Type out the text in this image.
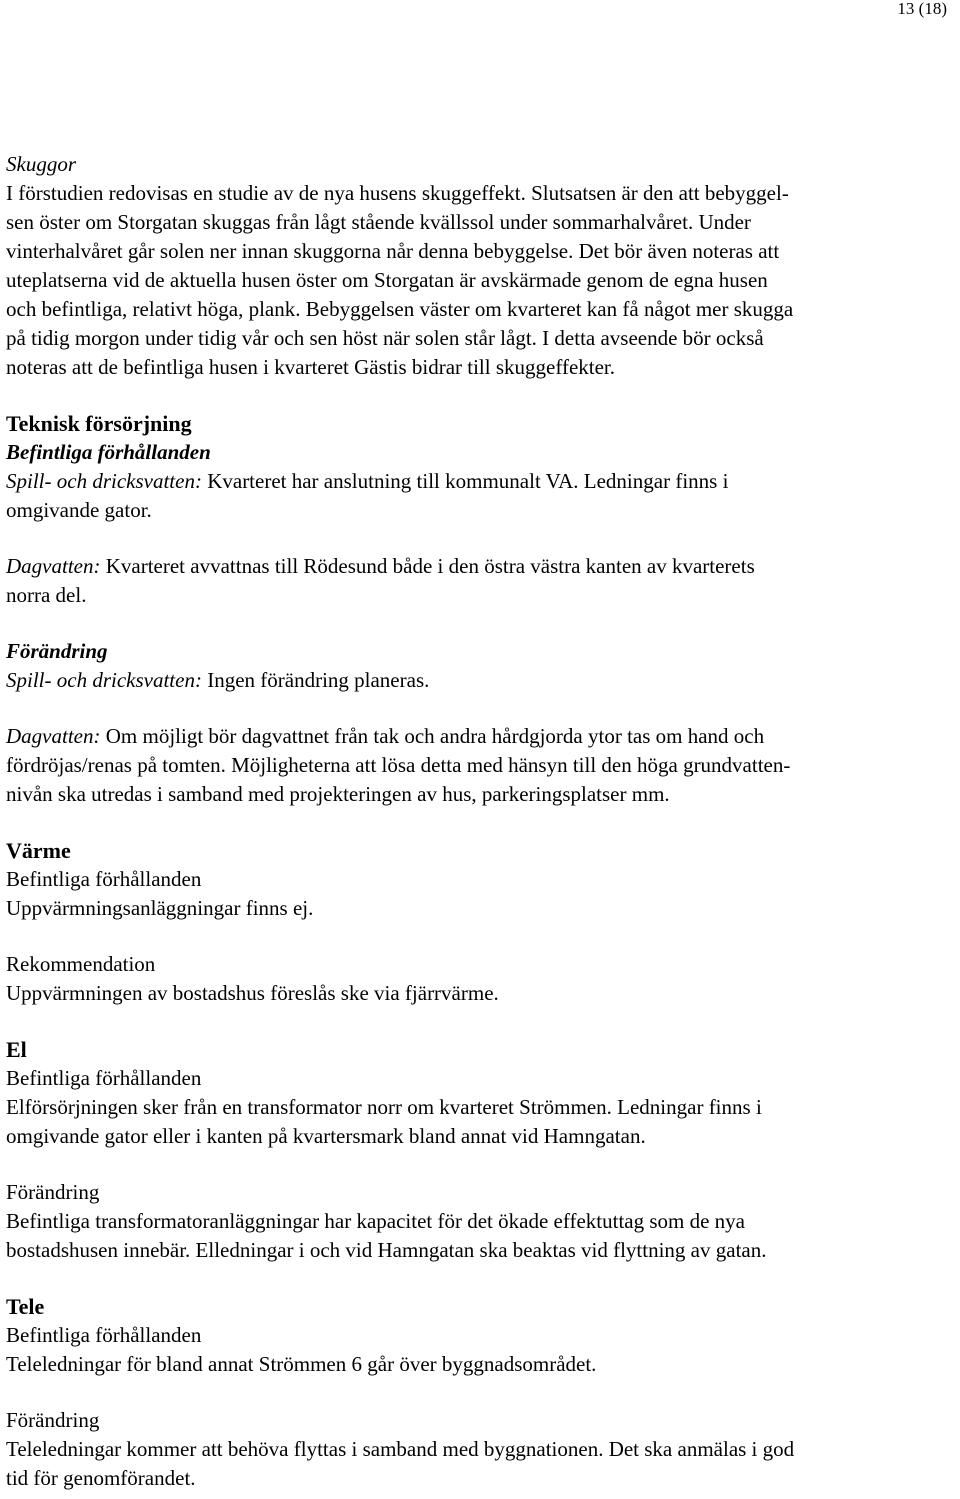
13 (18)

Skuggor

I förstudien redovisas en studie av de nya husens skuggeffekt. Slutsatsen är den att bebyggel-

sen öster om Storgatan skuggas från lågt stående kvällssol under sommarhalvåret. Under

vinterhalvåret går solen ner innan skuggorna når denna bebyggelse. Det bör även noteras att

uteplatserna vid de aktuella husen öster om Storgatan är avskärmade genom de egna husen

och befintliga, relativt höga, plank. Bebyggelsen väster om kvarteret kan få något mer skugga

på tidig morgon under tidig vår och sen höst när solen står lågt. I detta avseende bör också

noteras att de befintliga husen i kvarteret Gästis bidrar till skuggeffekter.

Teknisk försörjning

Befintliga förhållanden

Spill- och dricksvatten: Kvarteret har anslutning till kommunalt VA. Ledningar finns i

omgivande gator.

Dagvatten: Kvarteret avvattnas till Rödesund både i den östra västra kanten av kvarterets

norra del.

Förändring

Spill- och dricksvatten: Ingen förändring planeras.

Dagvatten: Om möjligt bör dagvattnet från tak och andra hårdgjorda ytor tas om hand och

fördröjas/renas på tomten. Möjligheterna att lösa detta med hänsyn till den höga grundvatten-

nivån ska utredas i samband med projekteringen av hus, parkeringsplatser mm.

Värme

Befintliga förhållanden

Uppvärmningsanläggningar finns ej.

Rekommendation

Uppvärmningen av bostadshus föreslås ske via fjärrvärme.

El

Befintliga förhållanden

Elförsörjningen sker från en transformator norr om kvarteret Strömmen. Ledningar finns i

omgivande gator eller i kanten på kvartersmark bland annat vid Hamngatan.

Förändring

Befintliga transformatoranläggningar har kapacitet för det ökade effektuttag som de nya

bostadshusen innebär. Elledningar i och vid Hamngatan ska beaktas vid flyttning av gatan.

Tele

Befintliga förhållanden

Teleledningar för bland annat Strömmen 6 går över byggnadsområdet.

Förändring

Teleledningar kommer att behöva flyttas i samband med byggnationen. Det ska anmälas i god

tid för genomförandet.
